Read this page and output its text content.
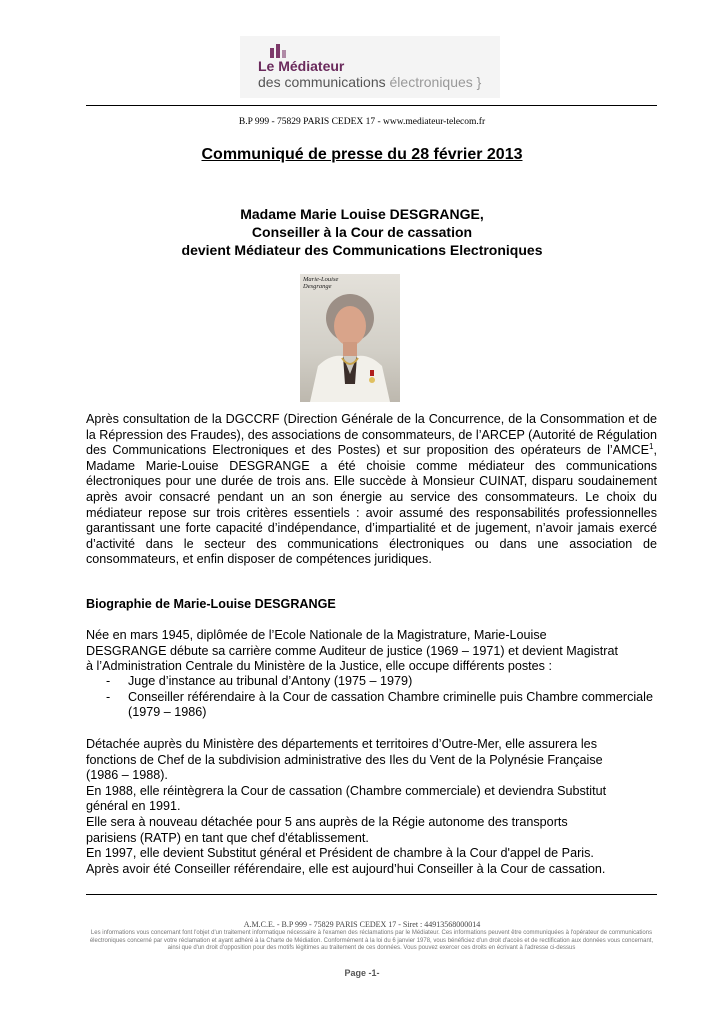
Le Médiateur
des communications électroniques }
B.P 999 - 75829 PARIS CEDEX 17 - www.mediateur-telecom.fr
Communiqué de presse du 28 février 2013
Madame Marie Louise DESGRANGE,
Conseiller à la Cour de cassation
devient Médiateur des Communications Electroniques
Marie-Louise
Desgrange
Après consultation de la DGCCRF (Direction Générale de la Concurrence, de la Consommation et de la Répression des Fraudes), des associations de consommateurs, de l’ARCEP (Autorité de Régulation des Communications Electroniques et des Postes) et sur proposition des opérateurs de l’AMCE$^1$, Madame Marie-Louise DESGRANGE a été choisie comme médiateur des communications électroniques pour une durée de trois ans. Elle succède à Monsieur CUINAT, disparu soudainement après avoir consacré pendant un an son énergie au service des consommateurs. Le choix du médiateur repose sur trois critères essentiels : avoir assumé des responsabilités professionnelles garantissant une forte capacité d’indépendance, d’impartialité et de jugement, n’avoir jamais exercé d’activité dans le secteur des communications électroniques ou dans une association de consommateurs, et enfin disposer de compétences juridiques.
Biographie de Marie-Louise DESGRANGE
Née en mars 1945, diplômée de l’Ecole Nationale de la Magistrature, Marie-Louise
DESGRANGE débute sa carrière comme Auditeur de justice (1969 – 1971) et devient Magistrat
à l’Administration Centrale du Ministère de la Justice, elle occupe différents postes :
- Juge d’instance au tribunal d’Antony (1975 – 1979)
- Conseiller référendaire à la Cour de cassation Chambre criminelle puis Chambre commerciale (1979 – 1986)
Détachée auprès du Ministère des départements et territoires d’Outre-Mer, elle assurera les
fonctions de Chef de la subdivision administrative des Iles du Vent de la Polynésie Française
(1986 – 1988).
En 1988, elle réintègrera la Cour de cassation (Chambre commerciale) et deviendra Substitut
général en 1991.
Elle sera à nouveau détachée pour 5 ans auprès de la Régie autonome des transports
parisiens (RATP) en tant que chef d'établissement.
En 1997, elle devient Substitut général et Président de chambre à la Cour d'appel de Paris.
Après avoir été Conseiller référendaire, elle est aujourd’hui Conseiller à la Cour de cassation.
A.M.C.E. - B.P 999 - 75829 PARIS CEDEX 17 - Siret : 44913568000014
Les informations vous concernant font l'objet d'un traitement informatique nécessaire à l'examen des réclamations par le Médiateur. Ces informations peuvent être communiquées à l'opérateur de communications électroniques concerné par votre réclamation et ayant adhéré à la Charte de Médiation. Conformément à la loi du 6 janvier 1978, vous bénéficiez d'un droit d'accès et de rectification aux données vous concernant, ainsi que d'un droit d'opposition pour des motifs légitimes au traitement de ces données. Vous pouvez exercer ces droits en écrivant à l'adresse ci-dessus
Page -1-
